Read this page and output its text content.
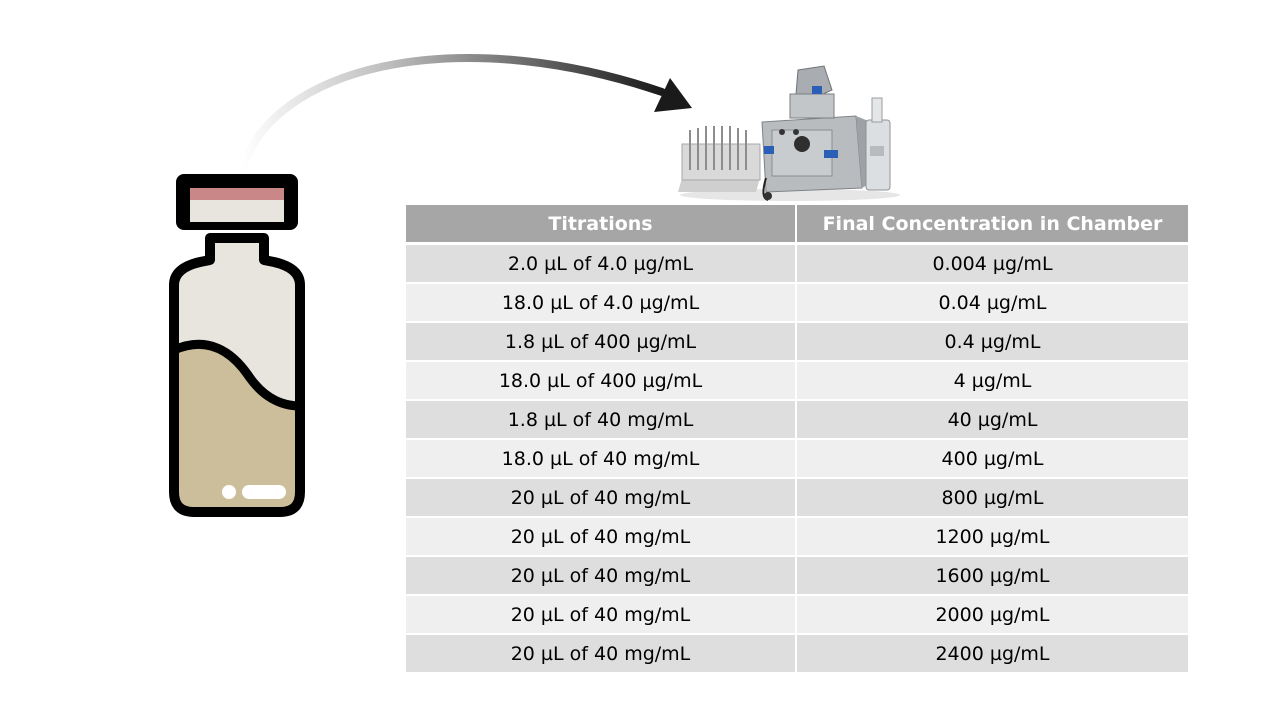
Titrations	Final Concentration in Chamber
2.0 µL of 4.0 µg/mL	0.004 µg/mL
18.0 µL of 4.0 µg/mL	0.04 µg/mL
1.8 µL of 400 µg/mL	0.4 µg/mL
18.0 µL of 400 µg/mL	4 µg/mL
1.8 µL of 40 mg/mL	40 µg/mL
18.0 µL of 40 mg/mL	400 µg/mL
20 µL of 40 mg/mL	800 µg/mL
20 µL of 40 mg/mL	1200 µg/mL
20 µL of 40 mg/mL	1600 µg/mL
20 µL of 40 mg/mL	2000 µg/mL
20 µL of 40 mg/mL	2400 µg/mL
